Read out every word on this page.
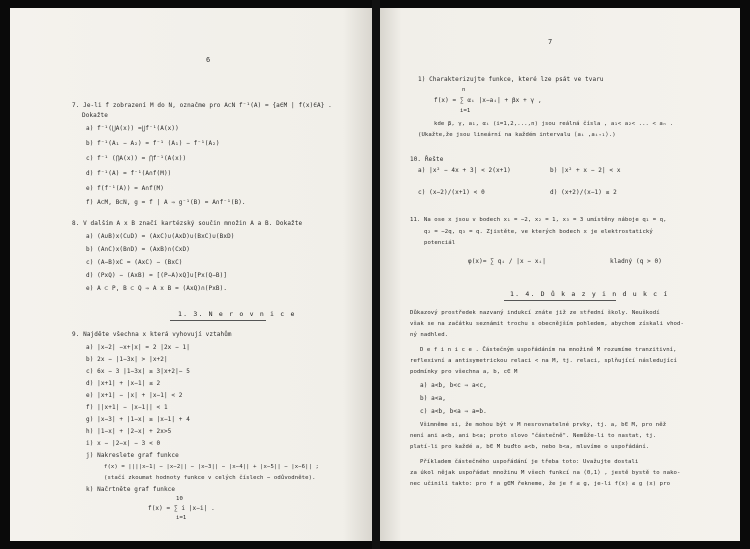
6
7. Je-li f zobrazení M do N, označme pro A⊂N f⁻¹(A) = {a∈M | f(x)∈A} .
Dokažte
a) f⁻¹(⋃A(x)) =⋃f⁻¹(A(x))
b) f⁻¹(A₁ − A₂) = f⁻¹ (A₁) − f⁻¹(A₂)
c) f⁻¹ (⋂A(x)) = ⋂f⁻¹(A(x))
d) f⁻¹(A) = f⁻¹(A∩f(M))
e) f(f⁻¹(A)) = A∩f(M)
f) A⊂M, B⊂N, g = f | A ⇒ g⁻¹(B) = A∩f⁻¹(B).
8. V dalším A x B značí kartézský součin množin A a B. Dokažte
a) (A∪B)x(C∪D) = (AxC)∪(AxD)∪(BxC)∪(BxD)
b) (A∩C)x(B∩D) = (AxB)∩(CxD)
c) (A−B)xC = (AxC) − (BxC)
d) (PxQ) − (AxB) = [(P−A)xQ]∪[Px(Q−B)]
e) A ⊂ P, B ⊂ Q ⇒ A x B = (AxQ)∩(PxB).
1. 3. N e r o v n i c e
9. Najděte všechna x která vyhovují vztahům
a) |x−2| −x+|x| = 2 |2x − 1|
b) 2x − |1−3x| > |x+2|
c) 6x − 3 |1−3x| ≥ 3|x+2|− 5
d) |x+1| + |x−1| ≤ 2
e) |x+1| − |x| + |x−1| < 2
f) ||x+1| − |x−1|| < 1
g) |x−3| + |1−x| ≥ |x−1| + 4
h) |1−x| + |2−x| + 2x>5
i) x − |2−x| − 3 < 0
j) Nakreslete graf funkce
f(x) = ||||x−1| − |x−2|| − |x−3|| − |x−4|| + |x−5|| − |x−6|| ;
(stačí zkoumat hodnoty funkce v celých číslech − odůvodněte).
k) Načrtněte graf funkce
10
f(x) = ∑ i |x−i| .
i=1
7
1) Charakterizujte funkce, které lze psát ve tvaru
n
f(x) = ∑ αᵢ |x−aᵢ| + βx + γ ,
i=1
kde β, γ, a₁, αᵢ (i=1,2,...,n) jsou reálná čísla , a₁< a₂< ... < aₙ .
(Ukažte,že jsou lineární na každém intervalu ⟨aᵢ ,aᵢ₊₁⟩.)
10. Řešte
a) |x² − 4x + 3| < 2(x+1)	b) |x² + x − 2| < x
c) (x−2)/(x+1) < 0	d) (x+2)/(x−1) ≤ 2
11. Na ose x jsou v bodech x₁ = −2, x₂ = 1, x₃ = 3 umístěny náboje q₁ = q,
q₂ = −2q, q₃ = q. Zjistěte, ve kterých bodech x je elektrostatický
potenciál
φ(x)= ∑ qᵢ / |x − xᵢ|	kladný (q > 0)
1. 4. D ů k a z y i n d u k c í
Důkazový prostředek nazvaný indukcí znáte již ze střední školy. Neuškodí
však se na začátku seznámit trochu s obecnějším pohledem, abychom získali vhod-
ný nadhled.
D e f i n i c e . Částečným uspořádáním na množině M rozumíme tranzitivní,
reflexivní a antisymetrickou relaci < na M, tj. relaci, splňující následující
podmínky pro všechna a, b, c∈ M
a) a<b, b<c ⇒ a<c,
b) a<a,
c) a<b, b<a ⇒ a=b.
Všimněme si, že mohou být v M nesrovnatelné prvky, tj. a, b∈ M, pro něž
není ani a<b, ani b<a; proto slovo "částečně". Nemůže-li to nastat, tj.
platí-li pro každé a, b∈ M buďto a<b, nebo b<a, mluvíme o uspořádání.
Příkladem částečného uspořádání je třeba toto: Uvažujte dostali
za úkol nějak uspořádat množinu M všech funkcí na ⟨0,1⟩ , jestě bystě to nako-
nec učinili takto: pro f a g∈M řekneme, že je f ≤ g, je-li f(x) ≤ g (x) pro
